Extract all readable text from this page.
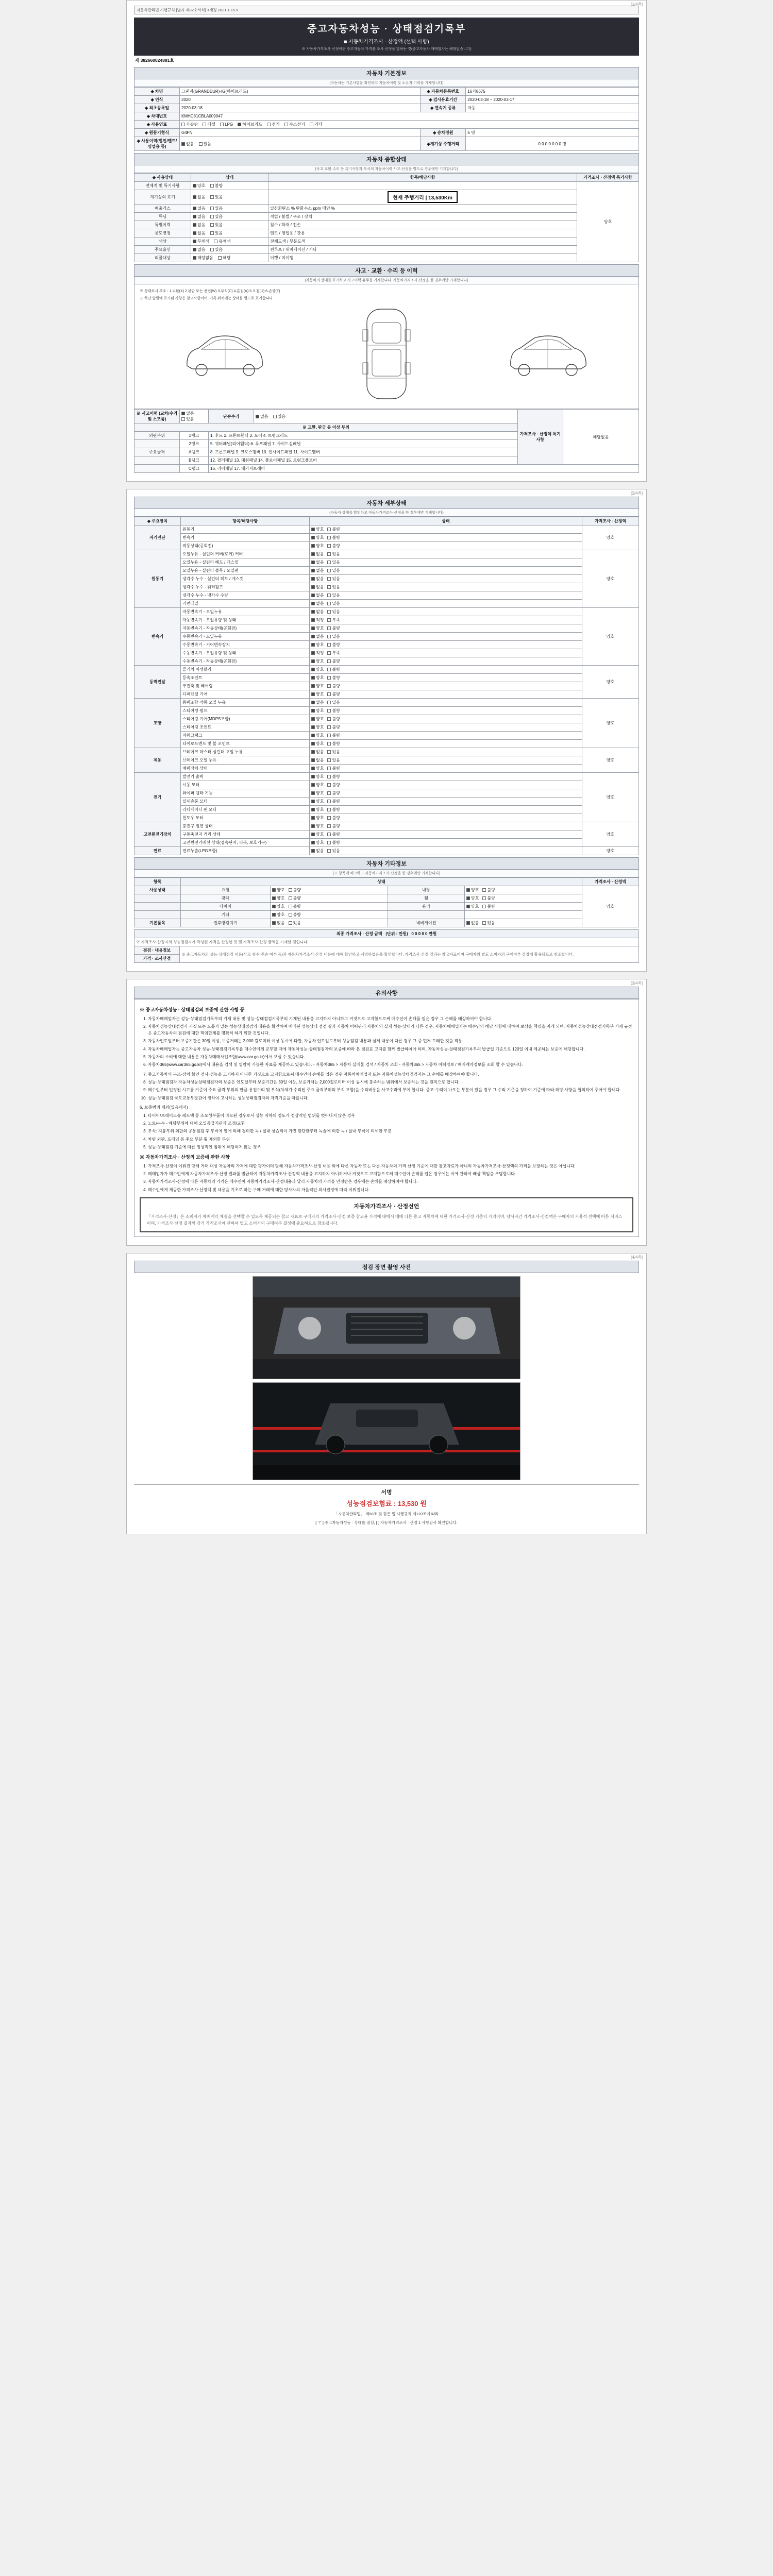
(1/4쪽)
자동차관리법 시행규칙 [별지 제82호서식] <개정 2021.1.15.>
중고자동차성능 · 상태점검기록부
■ 자동차가격조사 · 산정액 (선택 사항)
※ 자동차가격조사·산정이란 중고자동차 가격을 조사·산정을 말하는 것(중고자동차 매매업자는 해당없습니다)
제 382660024881호
자동차 기본정보
(자동차는 기본사항을 확인하고 자동차이력 및 소유자 이력을 기재합니다)
◈ 차명	그랜저(GRANDEUR)-IG(하이브리드)	◈ 자동차등록번호	16가8675
◈ 연식	2020	◈ 검사유효기간	2020-03-18 ~ 2020-03-17
◈ 최초등록일	2020-03-18	◈ 변속기 종류	자동
◈ 차대번호	KMHC81CBLA009047		
◈ 사용연료	가솔린 디젤 LPG 하이브리드 전기 수소전기 기타		
◈ 원동기형식	G4FN	◈ 승차정원	5 명
◈ 사용이력(법인/렌트/영업용 등)	없음 있음	◈계기상 주행거리	0 0 0 0 0 0 0 명
자동차 종합상태
(사고·교환·수리 등 특기사항과 부식의 자동차이력 사고·산정을 별도로 경우에만 기재합니다)
◈ 사용상태	상태	항목/해당사항	가격조사 · 산정액 특기사항
전체적 및 특기사항	양호 불량		양호
계기상의 표기	없음 있음	현재 주행거리 | 13,530Km	
배출가스	없음 있음	일산화탄소 % 탄화수소 ppm 매연 %	
튜닝	없음 있음	적법 / 불법 / 구조 / 장치	
특별이력	없음 있음	침수 / 화재 / 전손	
용도변경	없음 있음	렌트 / 영업용 / 관용	
색상	무채색 유채색	전체도색 / 부분도색	
주요옵션	없음 있음	썬루프 / 내비게이션 / 기타	
리콜대상	해당없음 해당	이행 / 미이행	
사고 · 교환 · 수리 등 이력
(자동차의 상태를 표기하고 사고이력 유무를 기재합니다. 자동차가격조사·산정을 한 경우에만 기재합니다)
※ 상태표시 부호 : 1.교환(X) 2.판금 또는 용접(W) 3.부식(C) 4.흠집(A) 5.요철(U) 6.손상(T)
※ 하단 알림에 표기된 사항은 참고사항이며, 기록 위치에는 상태를 별도로 표기합니다
※ 사고이력 (교차/수리 및 소모품)	없음 있음	단순수리	없음 있음	가격조사 · 산정액 특기사항	해당없음
※ 교환, 판금 등 이상 부위					
외판부위	1랭크	1. 후드 2. 프론트휀더 3. 도어 4. 트렁크리드			
	2랭크	5. 쿼터패널(리어휀더) 6. 루프패널 7. 사이드실패널			
주요골격	A랭크	8. 프론트패널 9. 크로스멤버 10. 인사이드패널 11. 사이드멤버			
	B랭크	12. 필러패널 13. 대쉬패널 14. 플로어패널 15. 트렁크플로어			
	C랭크	16. 리어패널 17. 패키지트레이			
(2/4쪽)
자동차 세부상태
(자동차 상태를 확인하고 자동차가격조사·산정을 한 경우에만 기재합니다)
◈ 주요장치	항목/해당사항	상태	가격조사 · 산정액
자기진단	원동기	양호 불량	양호
	변속기	양호 불량	
	작동상태(공회전)	양호 불량	
원동기	오일누유 - 실린더 커버(로커) 커버	없음 있음	양호
	오일누유 - 실린더 헤드 / 개스킷	없음 있음	
	오일누유 - 실린더 블록 / 오일팬	없음 있음	
	냉각수 누수 - 실린더 헤드 / 개스킷	없음 있음	
	냉각수 누수 - 워터펌프	없음 있음	
	냉각수 누수 - 냉각수 수량	없음 있음	
	커먼레일	없음 있음	
변속기	자동변속기 - 오일누유	없음 있음	양호
	자동변속기 - 오일유량 및 상태	적정 부족	
	자동변속기 - 작동상태(공회전)	양호 불량	
	수동변속기 - 오일누유	없음 있음	
	수동변속기 - 기어변속장치	양호 불량	
	수동변속기 - 오일유량 및 상태	적정 부족	
	수동변속기 - 작동상태(공회전)	양호 불량	
동력전달	클러치 어셈블리	양호 불량	양호
	등속조인트	양호 불량	
	추진축 및 베어링	양호 불량	
	디퍼렌셜 기어	양호 불량	
조향	동력조향 작동 오일 누유	없음 있음	양호
	스티어링 펌프	양호 불량	
	스티어링 기어(MDPS포함)	양호 불량	
	스티어링 조인트	양호 불량	
	파워크랭크	양호 불량	
	타이로드엔드 및 볼 조인트	양호 불량	
제동	브레이크 마스터 실린더 오일 누유	없음 있음	양호
	브레이크 오일 누유	없음 있음	
	배력장치 상태	양호 불량	
전기	발전기 출력	양호 불량	양호
	시동 모터	양호 불량	
	와이퍼 델타 기능	양호 불량	
	실내송풍 모터	양호 불량	
	라디에이터 팬 모터	양호 불량	
	윈도우 모터	양호 불량	
고전원전기장치	충전구 절연 상태	양호 불량	양호
	구동축전지 격리 상태	양호 불량	
	고전원전기배선 상태(접속단자, 피복, 보호기구)	양호 불량	
연료	연료누출(LPG포함)	없음 있음	양호
자동차 기타정보
(※ 항목에 체크하고 자동차가격조사·산정을 한 경우에만 기재합니다)
항목	상태				가격조사 · 산정액
사용상태	요철	양호 불량	내장	양호 불량	양호
	광택	양호 불량	휠	양호 불량	
	타이어	양호 불량	유리	양호 불량	
	기타	양호 불량			
기본품목	전후방감지기	없음 있음	네비게이션	없음 있음	
최종 가격조사 · 산정 금액 (단위 : 만원) 0 0 0 0 0 만원
※ 가격조사·산정자의 성능점검자가 작성된 가격을 산정한 것 및 가격조사·산정 금액을 기재한 것입니다
점검 · 내용정보	※ 중고자동차의 성능·상태점검 내용(사고·침수·전손 여부 등)과 자동차가격조사·산정 내용에 대해 확인하고 서명하였음을 확인합니다. 가격조사·산정 결과는 참고자료이며 구매자의 별도 소비자의 구매여부 결정에 활용되므로 참조합니다.
가격 · 조사산정
(3/4쪽)
유의사항
※ 중고자동차성능 · 상태점검의 보증에 관한 사항 등
1. 자동차매매업자는 성능·상태점검기록부의 기재 내용 및 성능·상태점검기록부의 기재된 내용을 고지하지 아니하고 거짓으로 고지함으로써 매수인이 손해를 입은 경우 그 손해를 배상하여야 합니다.
2. 자동차성능상태점검기 거짓 또는 오류가 있는 성능상태점검의 내용을 확인하여 매매된 성능상태 점검 결과 자동차 이력관리 자동차의 실제 성능·상태가 다른 경우, 자동차매매업자는 매수인의 해당 사항에 대하여 보상을 책임을 지게 되며, 자동차성능상태점검기록부 기재 규정은 중고자동차의 점검에 대한 책임한계를 명확히 하기 위한 것입니다.
3. 자동차인도일부터 보증기간은 30일 이상, 보증거래는 2,000 킬로미터 이상 동시에 다만, 자동차 인도일로부터 성능점검 내용과 실제 내용이 다른 경우 그 중 먼저 도래한 것을 적용.
4. 자동차매매업자는 중고자동차 성능·상태점검기록부를 매수인에게 교부할 때에 자동차성능·상태점검자의 보증에 따라 본 점검표 고지를 함께 발급하여야 하며, 자동차성능·상태점검기록부의 발급일 기준으로 120일 이내 제공하는 보증에 해당합니다.
5. 자동차의 소비에 대한 내용은 자동차매매사업조합(www.car.go.kr)에서 보실 수 있습니다.
6. 자동차365(www.car365.go.kr)에서 내용을 검색 및 열람이 가능한 자료를 제공하고 있습니다. - 자동차365 > 자동차 실매물 검색 / 자동차 조회 - 자동차365 > 자동차 이력정보 / 매매계약정보를 조회 할 수 있습니다.
7. 중고자동차의 구조·장치 확인 검사·성능을 고지하지 아니한 거짓으로 고지함으로써 매수인이 손해를 입은 경우 자동차매매업자 또는 자동차성능상태점검자는 그 손해를 배상하여야 합니다.
8. 성능·상태점검자 자동차성능상태점검자의 보증은 인도일부터 보증기간은 30일 이상, 보증거래는 2,000킬로미터 이상 동시에 충족하는 범위에서 보증하는 것을 원칙으로 합니다.
9. 매수인부터 인정된 시고를 기준이 주요 골격 부위의 판금·용접수리 및 부식(차체가 수리된 주요 골격부위의 부식 포함)을 수리비용을 사고수리에 부여 합니다. 중고·수리이 나오는 부분이 있을 경우 그 수리 기준을 정하여 기준에 따라 해당 사항을 협의하여 주어야 합니다.
10. 성능·상태점검 국토교통부장관이 정하여 고시하는 성능상태점검자의 자격기준을 따릅니다.
6. 보증범위 제외(있음에서)
1. 타이어/브레이크슈 패드액 등 소모성부품이 마모된 경우로서 성능 저하의 정도가 정상적인 범위를 벗어나지 않은 경우
2. 노트/누수 - 해당부위에 대해 오일공급기관과 조정/교환
3. 부식: 지붕부위 외판의 공통점검 후 부식에 열에 의해 경미한 녹 / 실내 상습적이 가진 한단한부터 녹슬에 의한 녹 / 실내 부식이 미세한 부분
4. 차량 외판, 프레임 등 주요 부분 휠 제외한 부위
5. 성능·상태점검 기준에 따른 정상적인 범위에 해당하지 않는 경우
※ 자동차가격조사 · 산정의 보증에 관한 사항
1. 가격조사·산정이 이뤄진 당해 거래 대상 자동차의 가격에 대한 평가이며 당해 자동차가격조사·산정 내용 외에 다른 자동차 또는 다른 자동차의 가격 산정 기준에 대한 참고자료가 아니며 자동차가격조사·산정액의 가격을 보장하는 것은 아닙니다.
2. 매매업자가 매수인에게 자동차가격조사·산정 결과를 발급하여 자동차가격조사·산정액 내용을 고지하지 아니하거나 거짓으로 고지함으로써 매수인이 손해를 입은 경우에는 이에 관하여 배상 책임을 부담합니다.
3. 자동차가격조사·산정에 따른 자동차의 가격은 매수인이 자동차가격조사·산정내용과 달리 자동차의 가격을 인정받은 경우에는 손해를 배상하여야 합니다.
4. 매수인에게 제공한 가격조사·산정액 및 내용을 기초로 하는 구매 거래에 대한 당사자의 자율적인 의사결정에 따라 이뤄집니다.
자동차가격조사 · 산정선언
「가격조사·산정」은 소비자가 매매계약 체결을 선택할 수 있도록 제공되는 참고 자료로 구매자의 가격조사·산정 보증 참고용 가격에 대해서 매매 다른 중고 자동차에 대한 가격조사·산정 기준의 가격이며, 당사자간 가격조사·산정액은 구매자의 자율적 선택에 따른 서비스이며, 가격조사·산정 결과의 감가 가격조사에 관하여 별도 소비자의 구매여부 결정에 중요하므로 참조됩니다.
(4/4쪽)
점검 장면 촬영 사진
서명
성능점검보험료 : 13,530 원
「자동차관리법」 제58조 및 같은 법 시행규칙 제120조에 따라
[ ㅜ ] 중고자동차성능 · 상태를 점검, [ ] 자동차가격조사 · 산정 1 사항검사 확인합니다.
